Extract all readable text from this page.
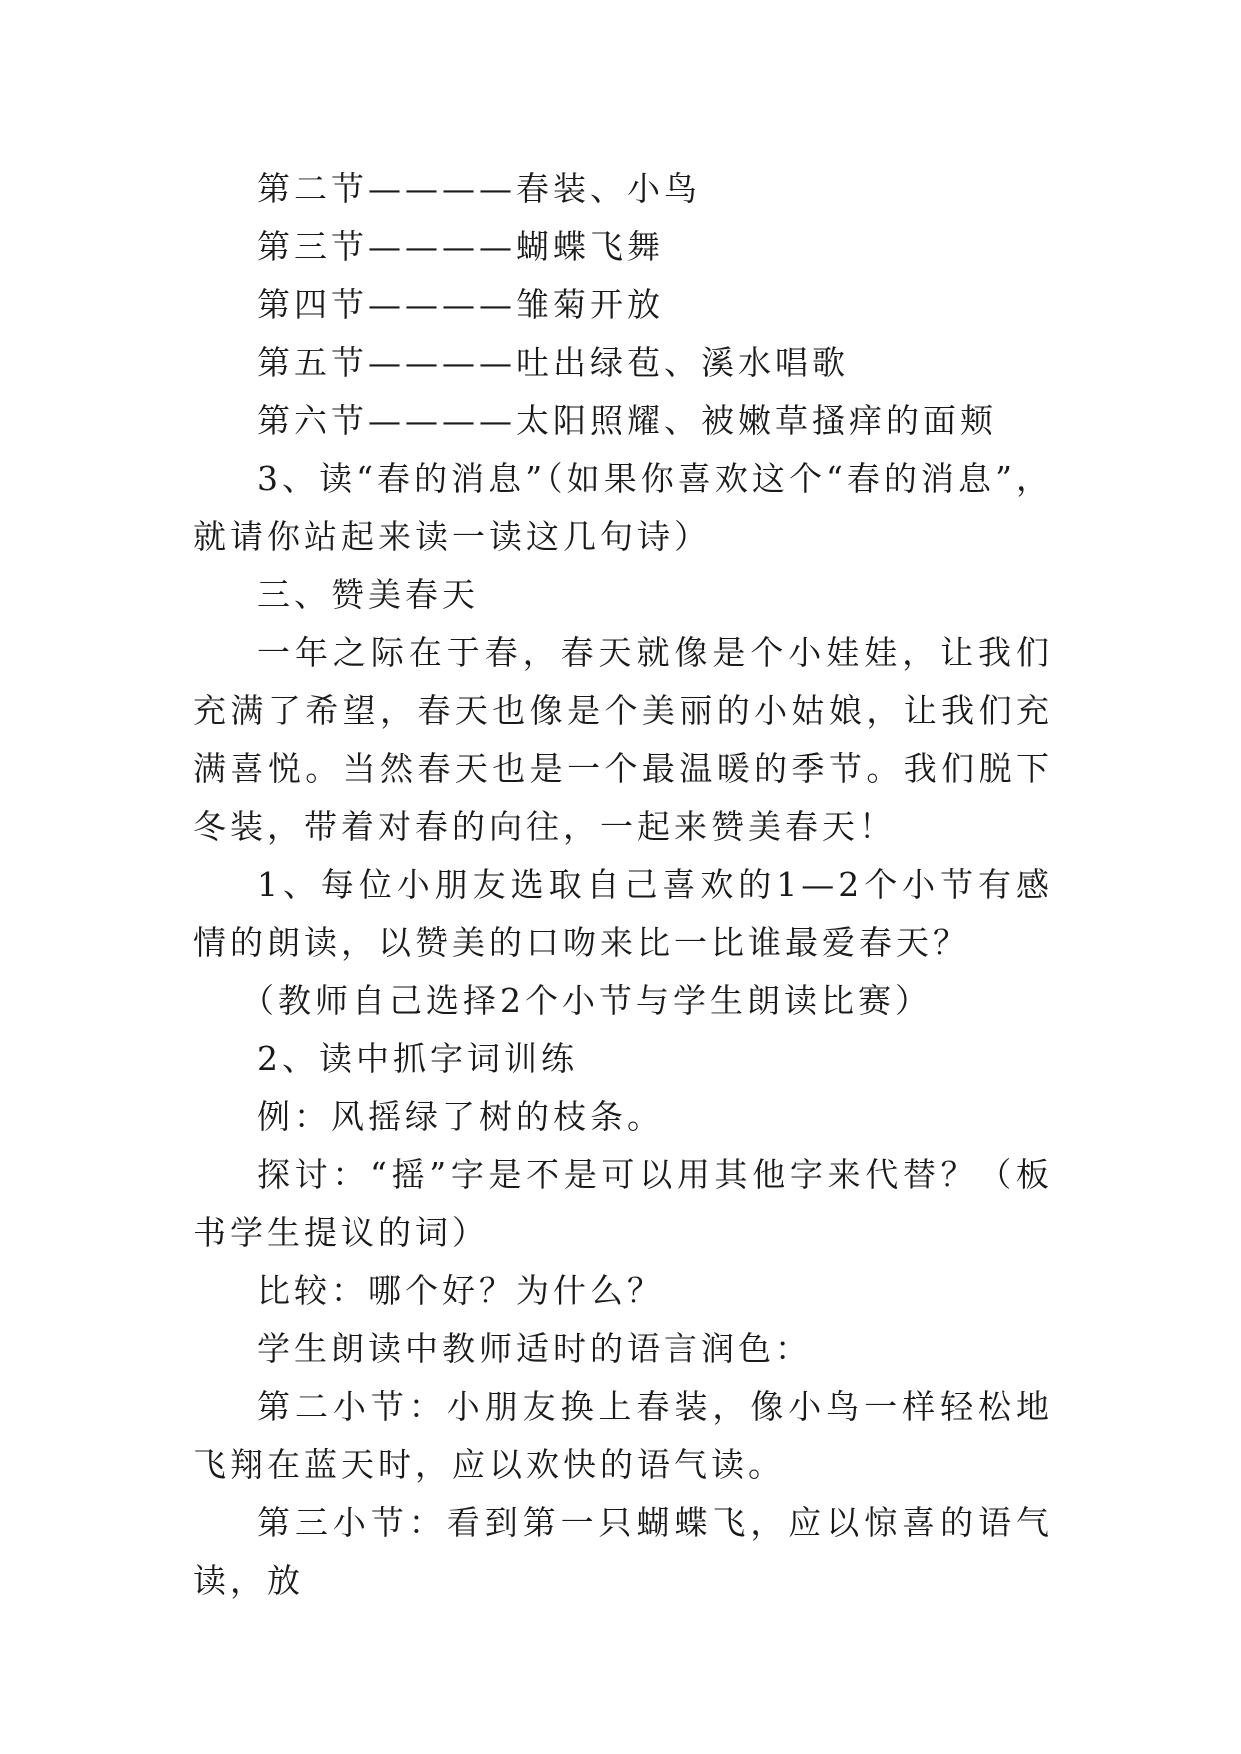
第二节————春装、小鸟
第三节————蝴蝶飞舞
第四节————雏菊开放
第五节————吐出绿苞、溪水唱歌
第六节————太阳照耀、被嫩草搔痒的面颊
3、读“春的消息”（如果你喜欢这个“春的消息”，就请你站起来读一读这几句诗）
三、赞美春天
一年之际在于春，春天就像是个小娃娃，让我们充满了希望，春天也像是个美丽的小姑娘，让我们充满喜悦。当然春天也是一个最温暖的季节。我们脱下冬装，带着对春的向往，一起来赞美春天！
1、每位小朋友选取自己喜欢的1—2个小节有感情的朗读，以赞美的口吻来比一比谁最爱春天？
（教师自己选择2个小节与学生朗读比赛）
2、读中抓字词训练
例：风摇绿了树的枝条。
探讨：“摇”字是不是可以用其他字来代替？（板书学生提议的词）
比较：哪个好？为什么？
学生朗读中教师适时的语言润色：
第二小节：小朋友换上春装，像小鸟一样轻松地飞翔在蓝天时，应以欢快的语气读。
第三小节：看到第一只蝴蝶飞，应以惊喜的语气读，放
